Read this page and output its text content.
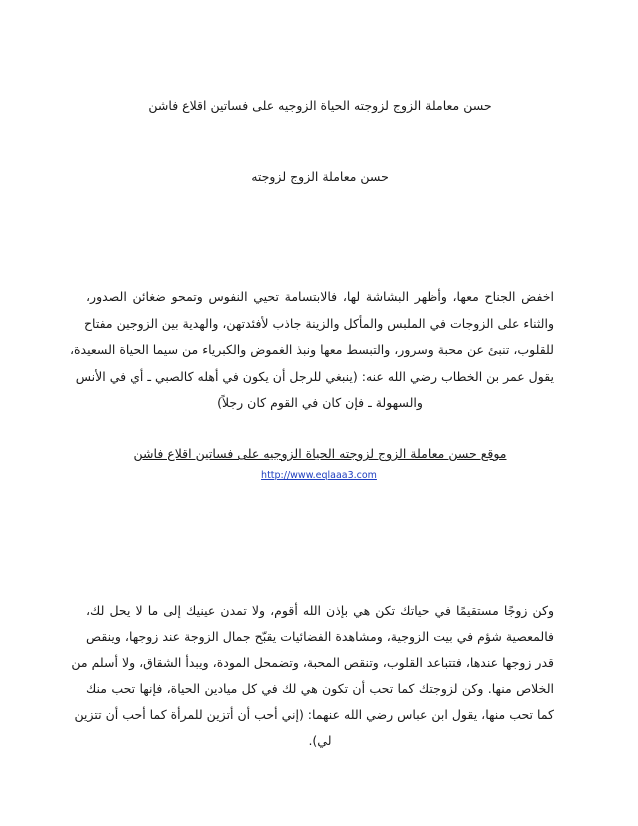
حسن معاملة الزوج لزوجته الحياة الزوجيه على فساتين اقلاع فاشن
حسن معاملة الزوج لزوجته
اخفض الجناح معها، وأظهر البشاشة لها، فالابتسامة تحيي النفوس وتمحو ضغائن الصدور،
والثناء على الزوجات في الملبس والمأكل والزينة جاذب لأفئدتهن، والهدية بين الزوجين مفتاح
للقلوب، تنبئ عن محبة وسرور، والتبسط معها ونبذ الغموض والكبرياء من سيما الحياة السعيدة،
يقول عمر بن الخطاب رضي الله عنه: (ينبغي للرجل أن يكون في أهله كالصبي ـ أي في الأنس
والسهولة ـ فإن كان في القوم كان رجلاً)
موقع حسن معاملة الزوج لزوجته الحياة الزوجيه على فساتين اقلاع فاشن
http://www.eqlaaa3.com
وكن زوجًا مستقيمًا في حياتك تكن هي بإذن الله أقوم، ولا تمدن عينيك إلى ما لا يحل لك،
فالمعصية شؤم في بيت الزوجية، ومشاهدة الفضائيات يقبّح جمال الزوجة عند زوجها، وينقص
قدر زوجها عندها، فتتباعد القلوب، وتنقص المحبة، وتضمحل المودة، ويبدأ الشقاق، ولا أسلم من
الخلاص منها. وكن لزوجتك كما تحب أن تكون هي لك في كل ميادين الحياة، فإنها تحب منك
كما تحب منها، يقول ابن عباس رضي الله عنهما: (إني أحب أن أتزين للمرأة كما أحب أن تتزين
لي).
